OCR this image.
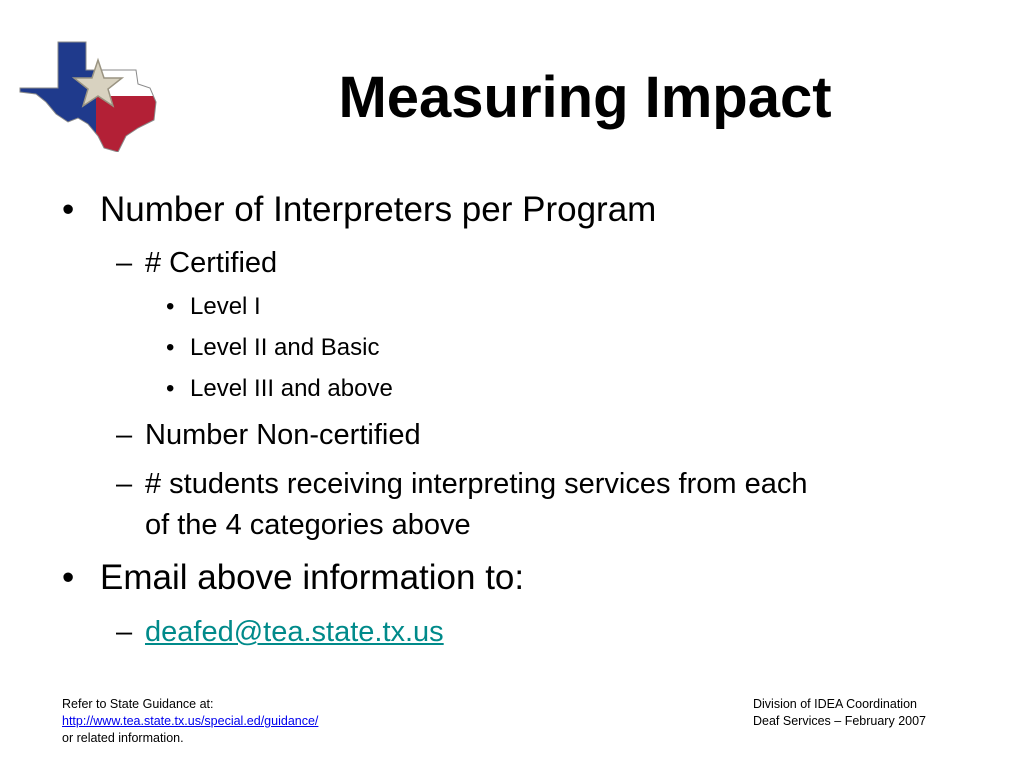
Measuring Impact
• Number of Interpreters per Program
– # Certified
• Level I
• Level II and Basic
• Level III and above
– Number Non-certified
– # students receiving interpreting services from each
of the 4 categories above
• Email above information to:
– deafed@tea.state.tx.us
Refer to State Guidance at:
http://www.tea.state.tx.us/special.ed/guidance/
or related information.
Division of IDEA Coordination
Deaf Services – February 2007
